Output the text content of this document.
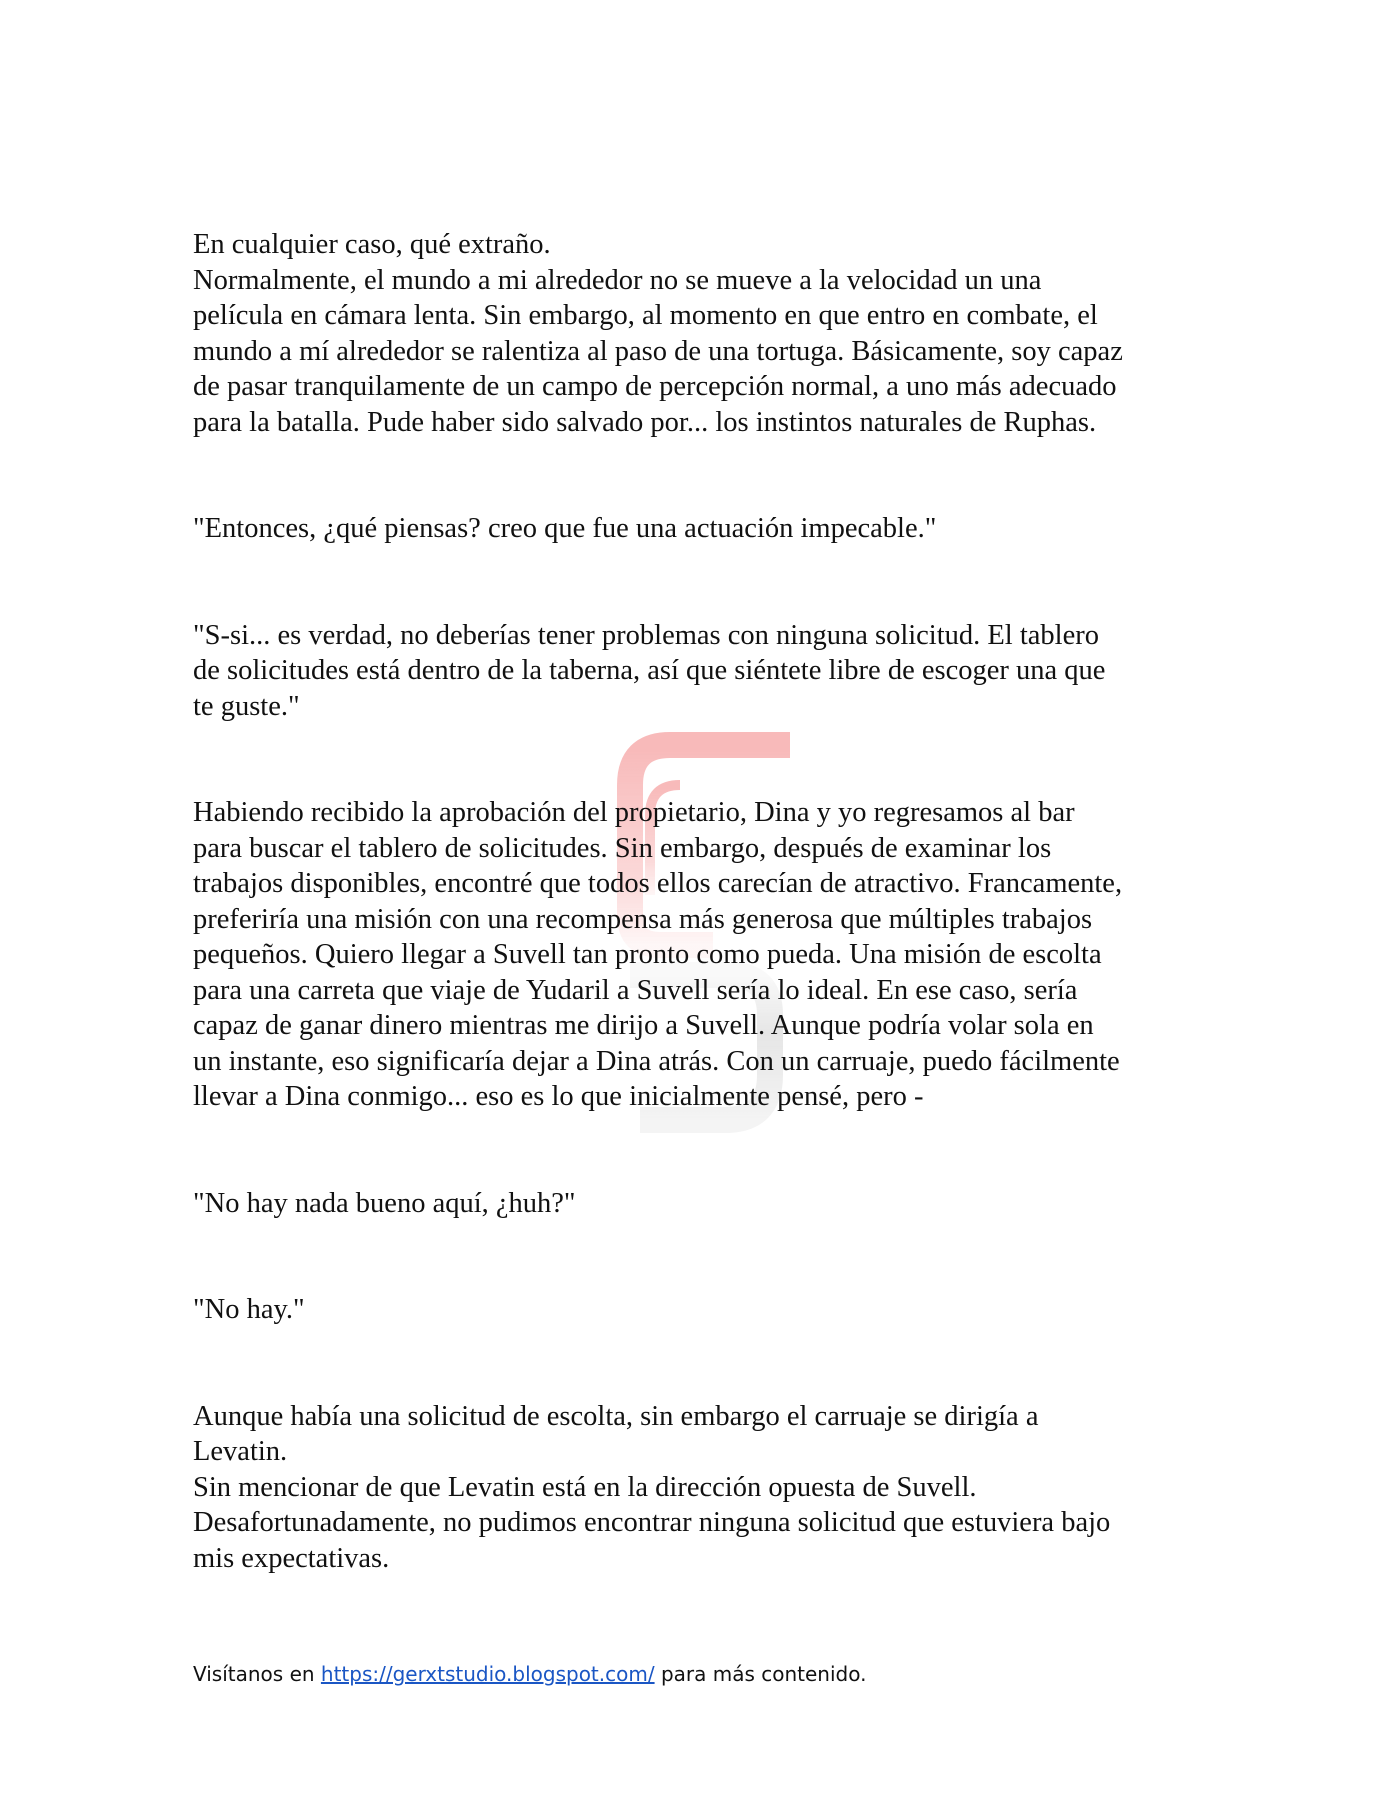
En cualquier caso, qué extraño.
Normalmente, el mundo a mi alrededor no se mueve a la velocidad un una
película en cámara lenta. Sin embargo, al momento en que entro en combate, el
mundo a mí alrededor se ralentiza al paso de una tortuga. Básicamente, soy capaz
de pasar tranquilamente de un campo de percepción normal, a uno más adecuado
para la batalla. Pude haber sido salvado por... los instintos naturales de Ruphas.

"Entonces, ¿qué piensas? creo que fue una actuación impecable."

"S-si... es verdad, no deberías tener problemas con ninguna solicitud. El tablero
de solicitudes está dentro de la taberna, así que siéntete libre de escoger una que
te guste."

Habiendo recibido la aprobación del propietario, Dina y yo regresamos al bar
para buscar el tablero de solicitudes. Sin embargo, después de examinar los
trabajos disponibles, encontré que todos ellos carecían de atractivo. Francamente,
preferiría una misión con una recompensa más generosa que múltiples trabajos
pequeños. Quiero llegar a Suvell tan pronto como pueda. Una misión de escolta
para una carreta que viaje de Yudaril a Suvell sería lo ideal. En ese caso, sería
capaz de ganar dinero mientras me dirijo a Suvell. Aunque podría volar sola en
un instante, eso significaría dejar a Dina atrás. Con un carruaje, puedo fácilmente
llevar a Dina conmigo... eso es lo que inicialmente pensé, pero -

"No hay nada bueno aquí, ¿huh?"

"No hay."

Aunque había una solicitud de escolta, sin embargo el carruaje se dirigía a
Levatin.
Sin mencionar de que Levatin está en la dirección opuesta de Suvell.
Desafortunadamente, no pudimos encontrar ninguna solicitud que estuviera bajo
mis expectativas.

Visítanos en https://gerxtstudio.blogspot.com/ para más contenido.
